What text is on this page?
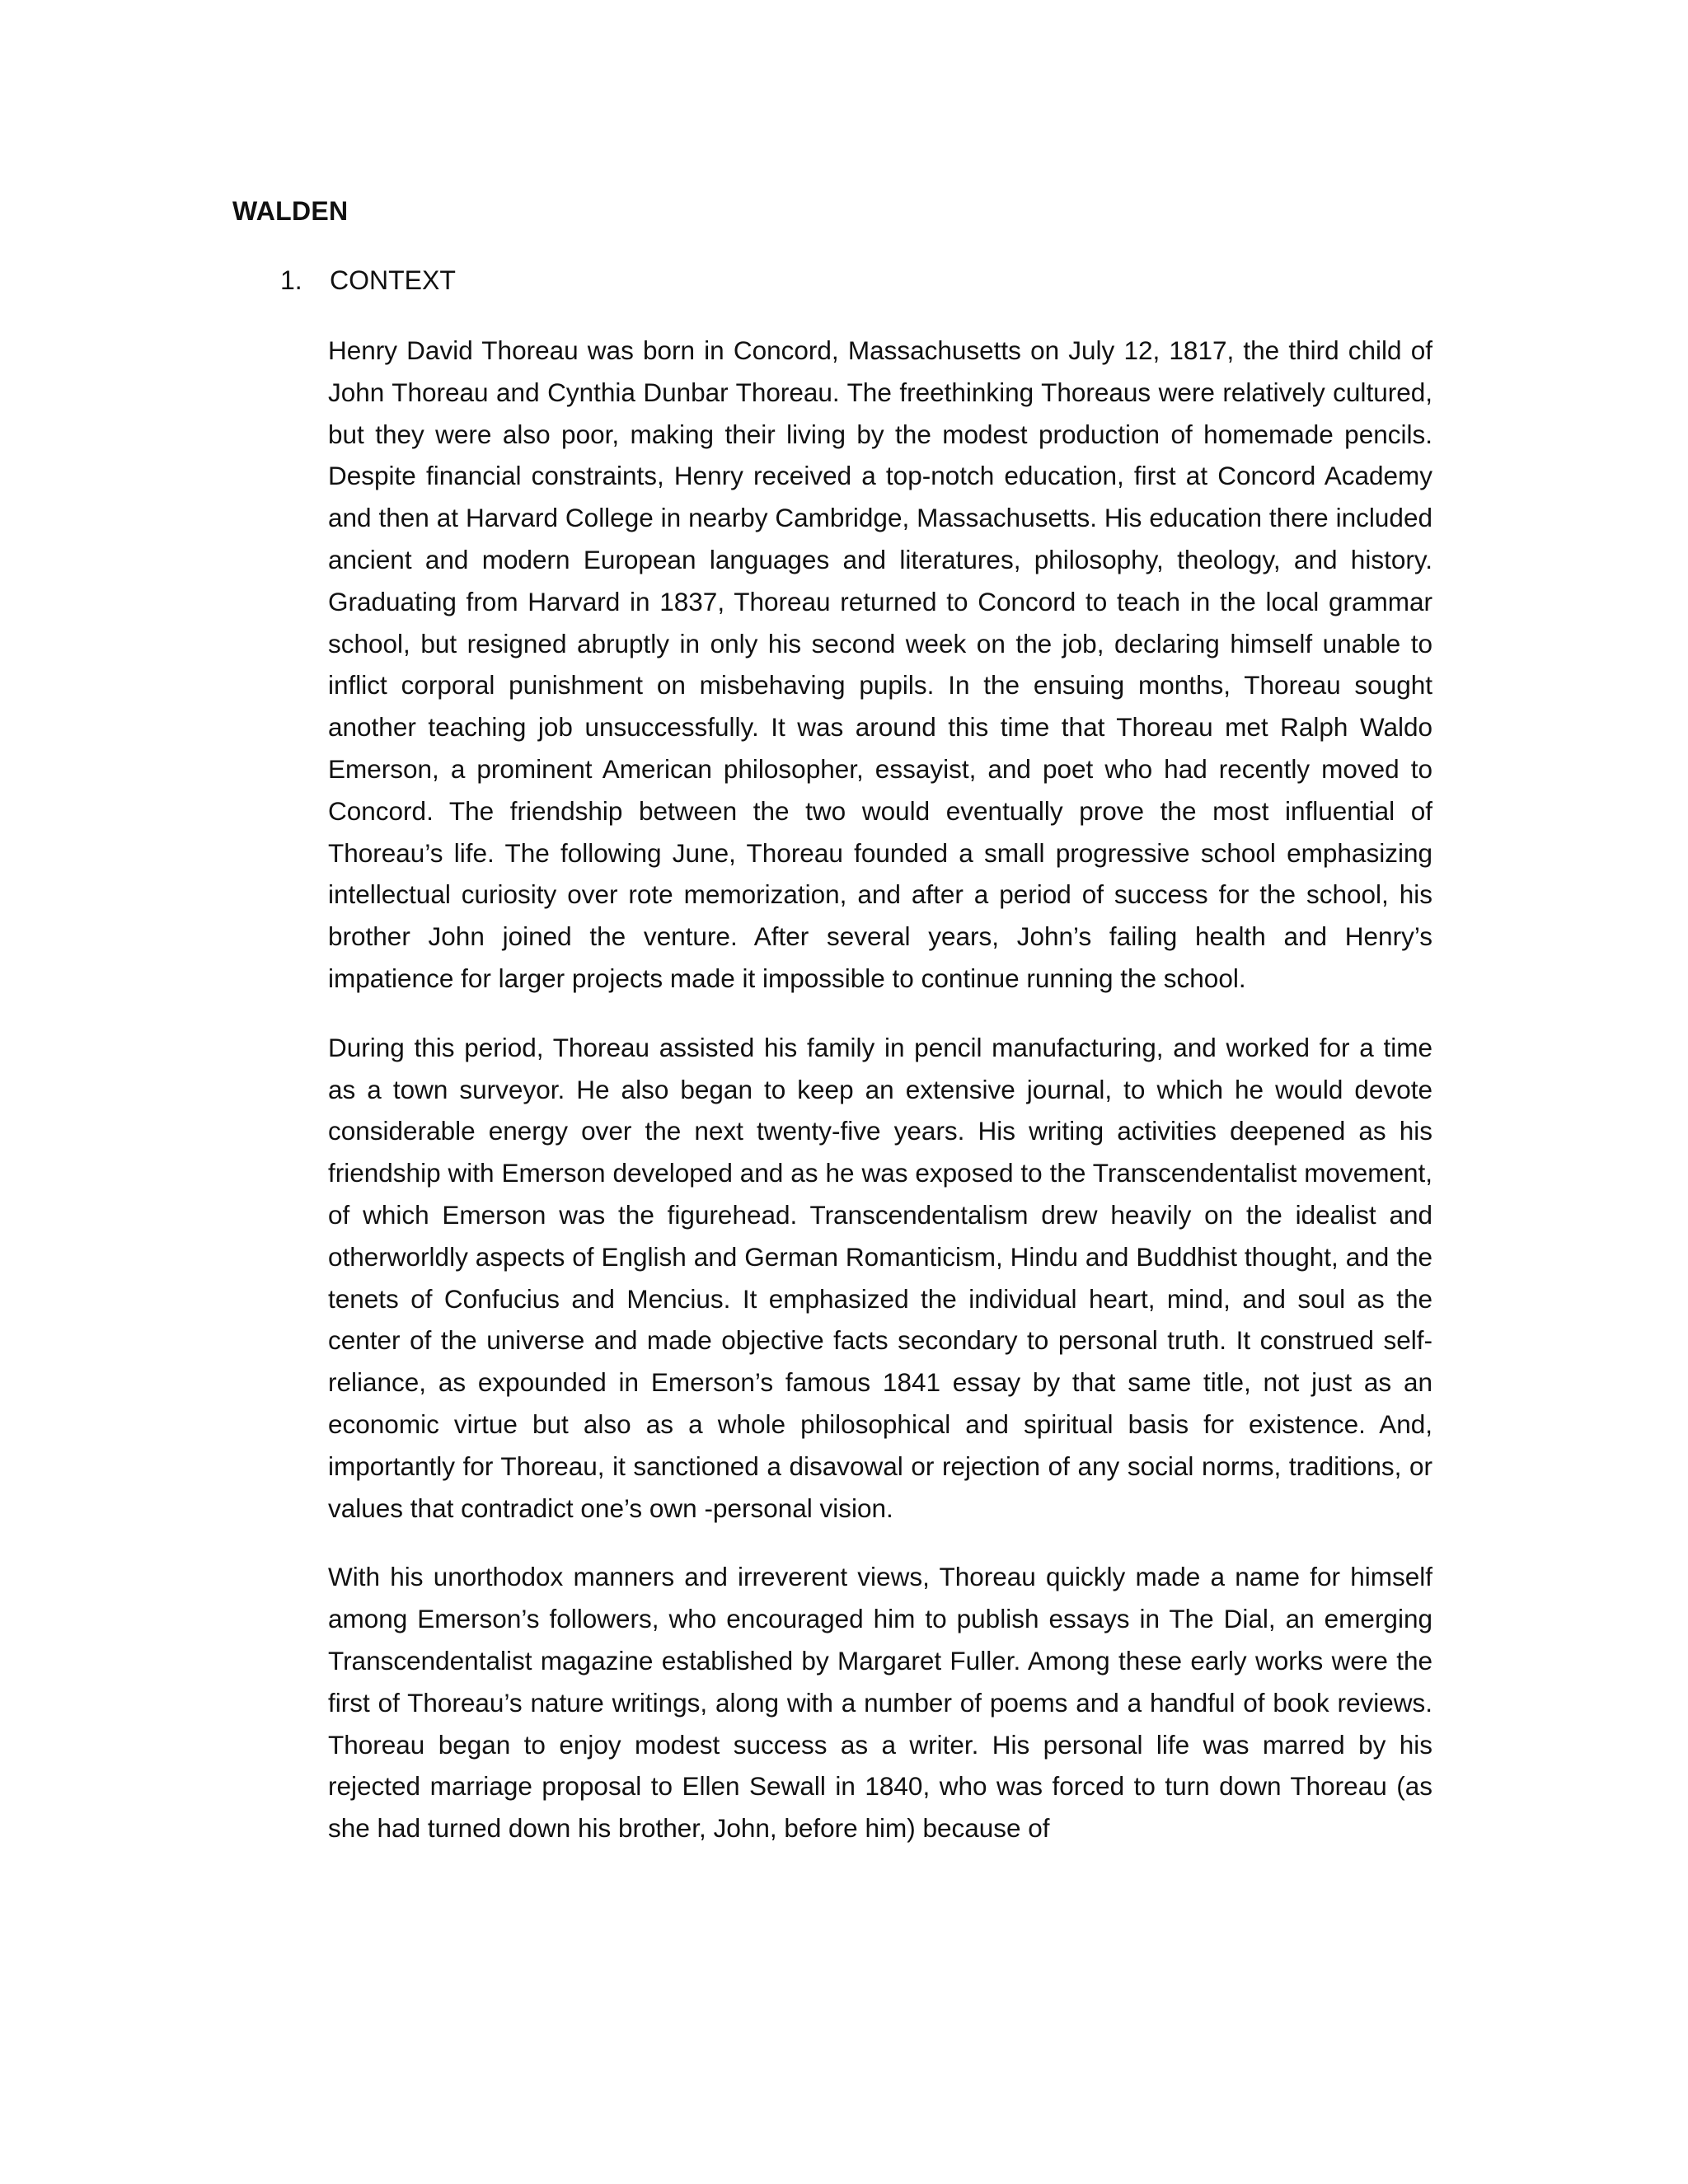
WALDEN
1.	CONTEXT

Henry David Thoreau was born in Concord, Massachusetts on July 12, 1817, the third child of John Thoreau and Cynthia Dunbar Thoreau. The freethinking Thoreaus were relatively cultured, but they were also poor, making their living by the modest production of homemade pencils. Despite financial constraints, Henry received a top-notch education, first at Concord Academy and then at Harvard College in nearby Cambridge, Massachusetts. His education there included ancient and modern European languages and literatures, philosophy, theology, and history. Graduating from Harvard in 1837, Thoreau returned to Concord to teach in the local grammar school, but resigned abruptly in only his second week on the job, declaring himself unable to inflict corporal punishment on misbehaving pupils. In the ensuing months, Thoreau sought another teaching job unsuccessfully. It was around this time that Thoreau met Ralph Waldo Emerson, a prominent American philosopher, essayist, and poet who had recently moved to Concord. The friendship between the two would eventually prove the most influential of Thoreau’s life. The following June, Thoreau founded a small progressive school emphasizing intellectual curiosity over rote memorization, and after a period of success for the school, his brother John joined the venture. After several years, John’s failing health and Henry’s impatience for larger projects made it impossible to continue running the school.

During this period, Thoreau assisted his family in pencil manufacturing, and worked for a time as a town surveyor. He also began to keep an extensive journal, to which he would devote considerable energy over the next twenty-five years. His writing activities deepened as his friendship with Emerson developed and as he was exposed to the Transcendentalist movement, of which Emerson was the figurehead. Transcendentalism drew heavily on the idealist and otherworldly aspects of English and German Romanticism, Hindu and Buddhist thought, and the tenets of Confucius and Mencius. It emphasized the individual heart, mind, and soul as the center of the universe and made objective facts secondary to personal truth. It construed self-reliance, as expounded in Emerson’s famous 1841 essay by that same title, not just as an economic virtue but also as a whole philosophical and spiritual basis for existence. And, importantly for Thoreau, it sanctioned a disavowal or rejection of any social norms, traditions, or values that contradict one’s own -personal vision.

With his unorthodox manners and irreverent views, Thoreau quickly made a name for himself among Emerson’s followers, who encouraged him to publish essays in The Dial, an emerging Transcendentalist magazine established by Margaret Fuller. Among these early works were the first of Thoreau’s nature writings, along with a number of poems and a handful of book reviews. Thoreau began to enjoy modest success as a writer. His personal life was marred by his rejected marriage proposal to Ellen Sewall in 1840, who was forced to turn down Thoreau (as she had turned down his brother, John, before him) because of
